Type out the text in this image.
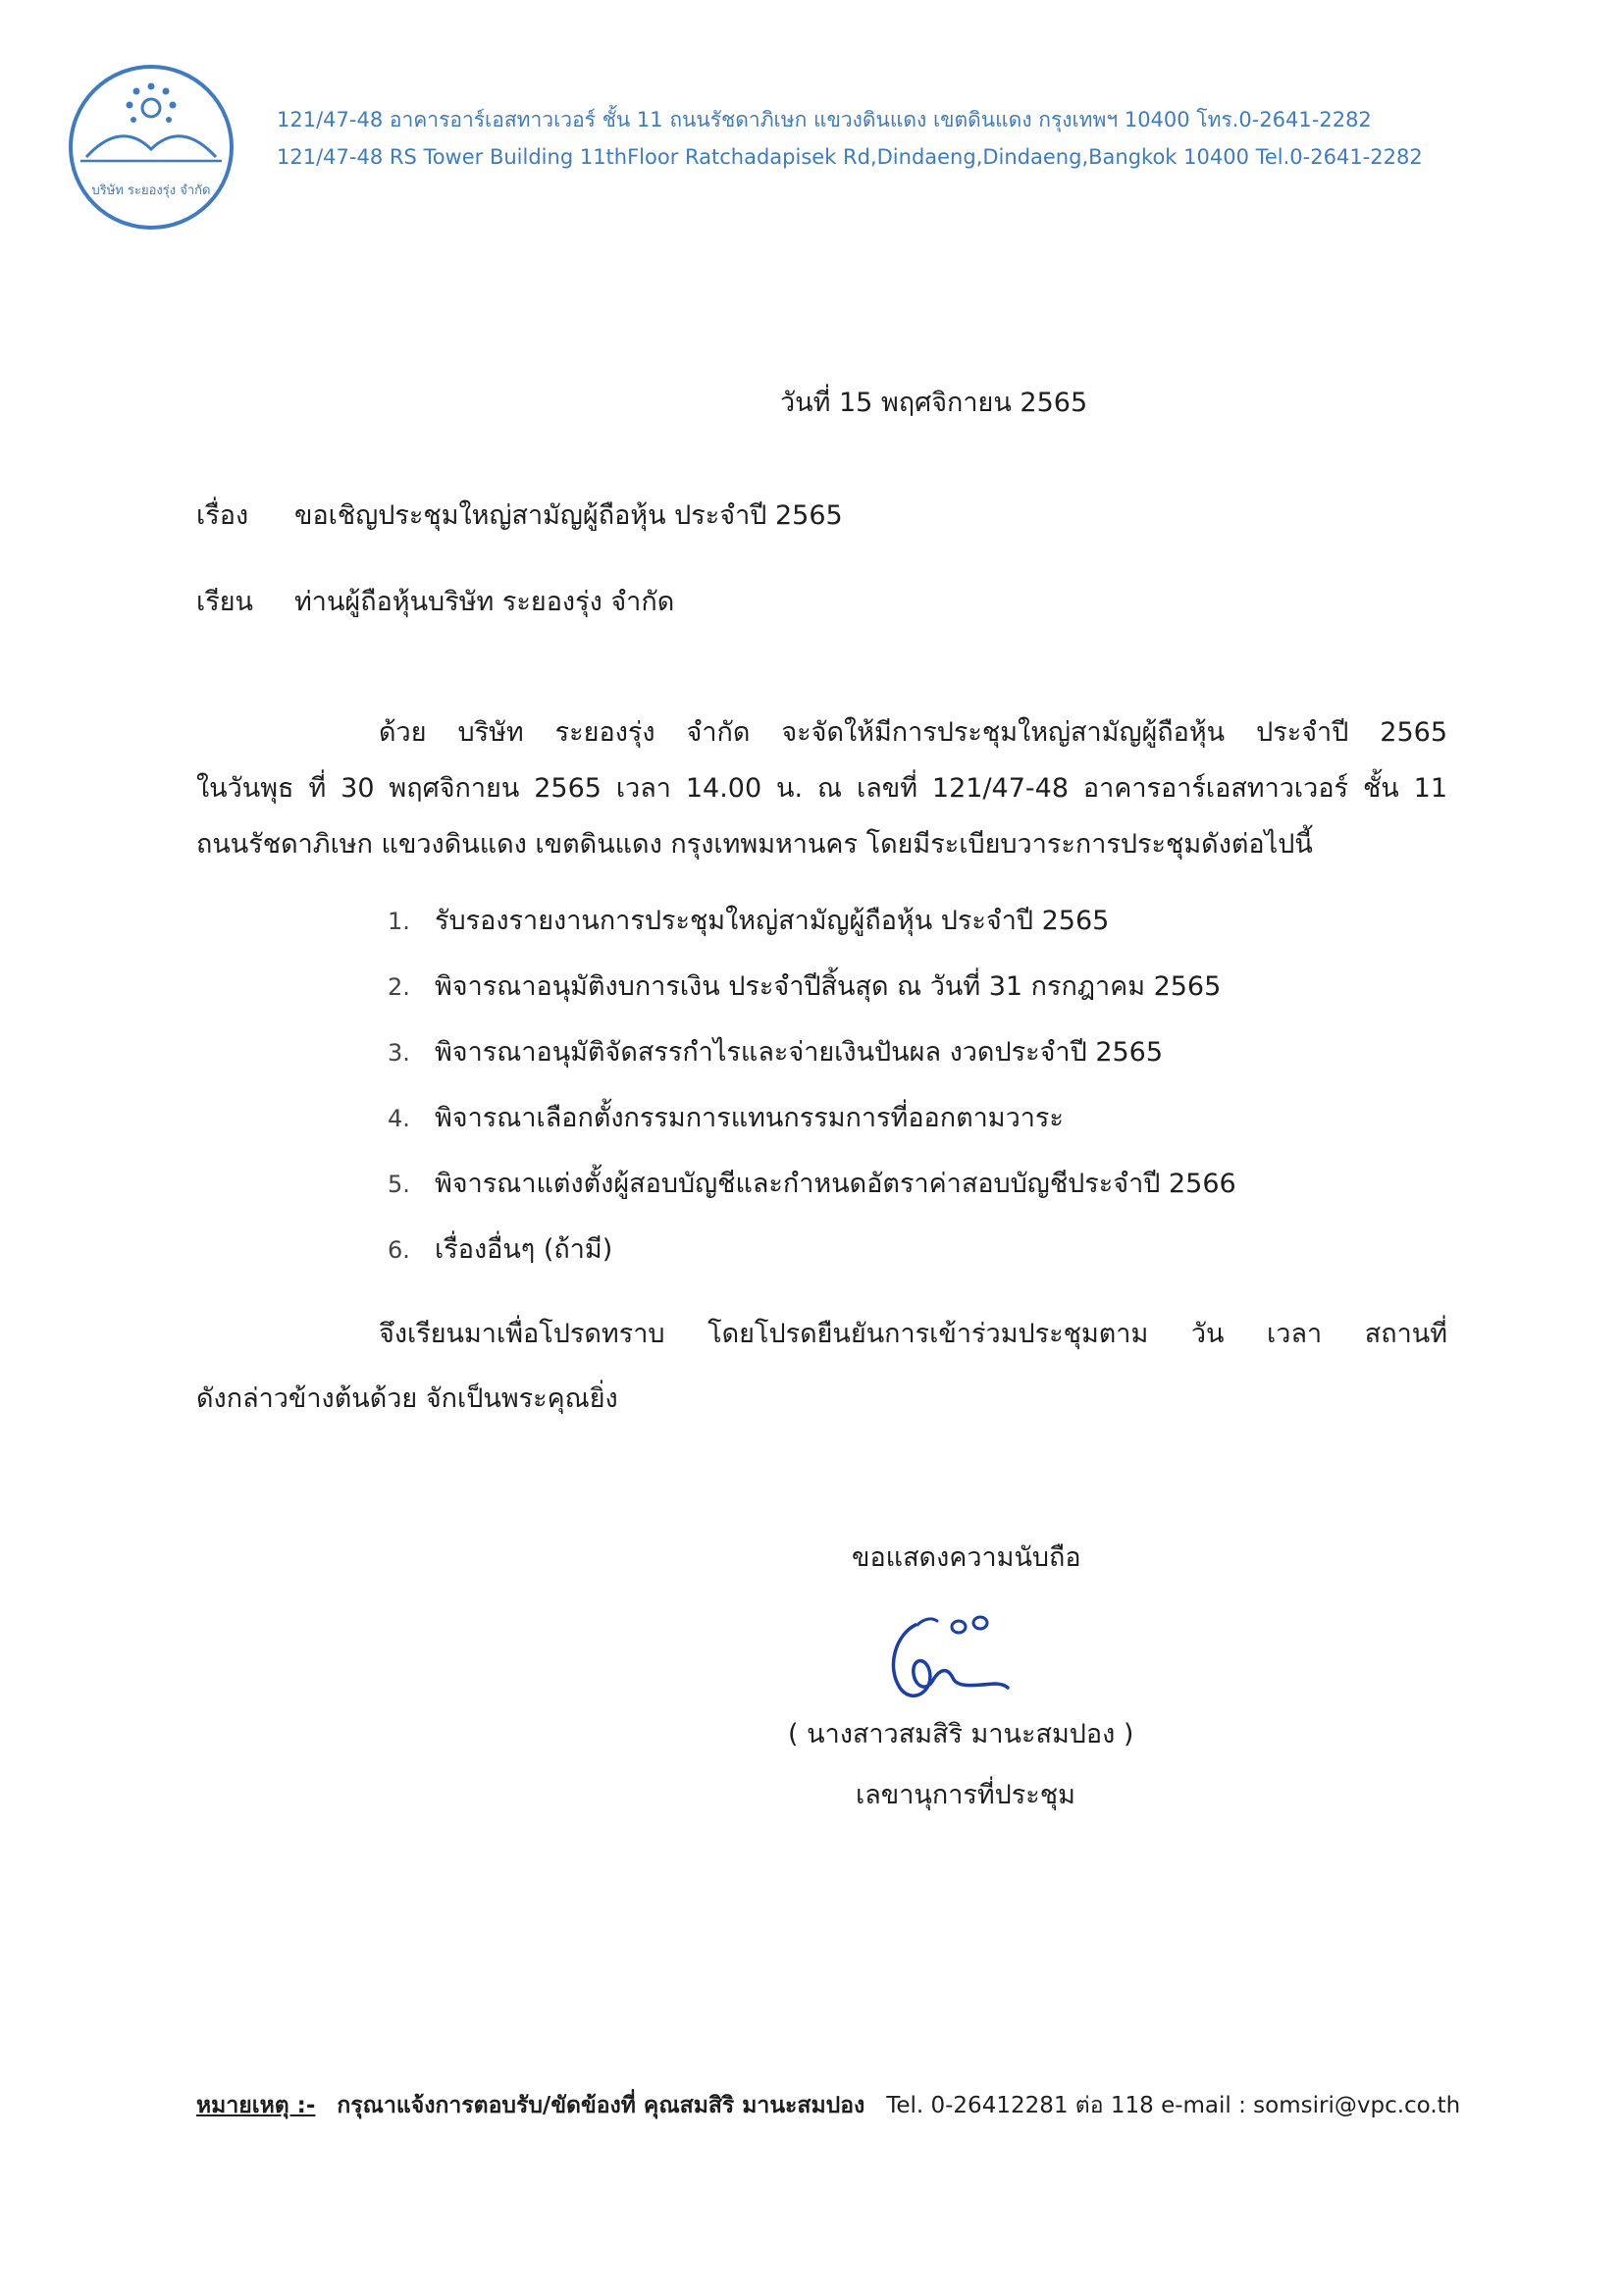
บริษัท ระยองรุ่ง จำกัด
121/47-48 อาคารอาร์เอสทาวเวอร์ ชั้น 11 ถนนรัชดาภิเษก แขวงดินแดง เขตดินแดง กรุงเทพฯ 10400 โทร.0-2641-2282
121/47-48 RS Tower Building 11thFloor Ratchadapisek Rd,Dindaeng,Dindaeng,Bangkok 10400 Tel.0-2641-2282
วันที่ 15 พฤศจิกายน 2565
เรื่อง ขอเชิญประชุมใหญ่สามัญผู้ถือหุ้น ประจำปี 2565
เรียน ท่านผู้ถือหุ้นบริษัท ระยองรุ่ง จำกัด
ด้วย บริษัท ระยองรุ่ง จำกัด จะจัดให้มีการประชุมใหญ่สามัญผู้ถือหุ้น ประจำปี 2565
ในวันพุธ ที่ 30 พฤศจิกายน 2565 เวลา 14.00 น. ณ เลขที่ 121/47-48 อาคารอาร์เอสทาวเวอร์ ชั้น 11
ถนนรัชดาภิเษก แขวงดินแดง เขตดินแดง กรุงเทพมหานคร โดยมีระเบียบวาระการประชุมดังต่อไปนี้
1. รับรองรายงานการประชุมใหญ่สามัญผู้ถือหุ้น ประจำปี 2565
2. พิจารณาอนุมัติงบการเงิน ประจำปีสิ้นสุด ณ วันที่ 31 กรกฎาคม 2565
3. พิจารณาอนุมัติจัดสรรกำไรและจ่ายเงินปันผล งวดประจำปี 2565
4. พิจารณาเลือกตั้งกรรมการแทนกรรมการที่ออกตามวาระ
5. พิจารณาแต่งตั้งผู้สอบบัญชีและกำหนดอัตราค่าสอบบัญชีประจำปี 2566
6. เรื่องอื่นๆ (ถ้ามี)
จึงเรียนมาเพื่อโปรดทราบ โดยโปรดยืนยันการเข้าร่วมประชุมตาม วัน เวลา สถานที่
ดังกล่าวข้างต้นด้วย จักเป็นพระคุณยิ่ง
ขอแสดงความนับถือ
( นางสาวสมสิริ มานะสมปอง )
เลขานุการที่ประชุม
หมายเหตุ :- กรุณาแจ้งการตอบรับ/ขัดข้องที่ คุณสมสิริ มานะสมปอง Tel. 0-26412281 ต่อ 118 e-mail : somsiri@vpc.co.th
